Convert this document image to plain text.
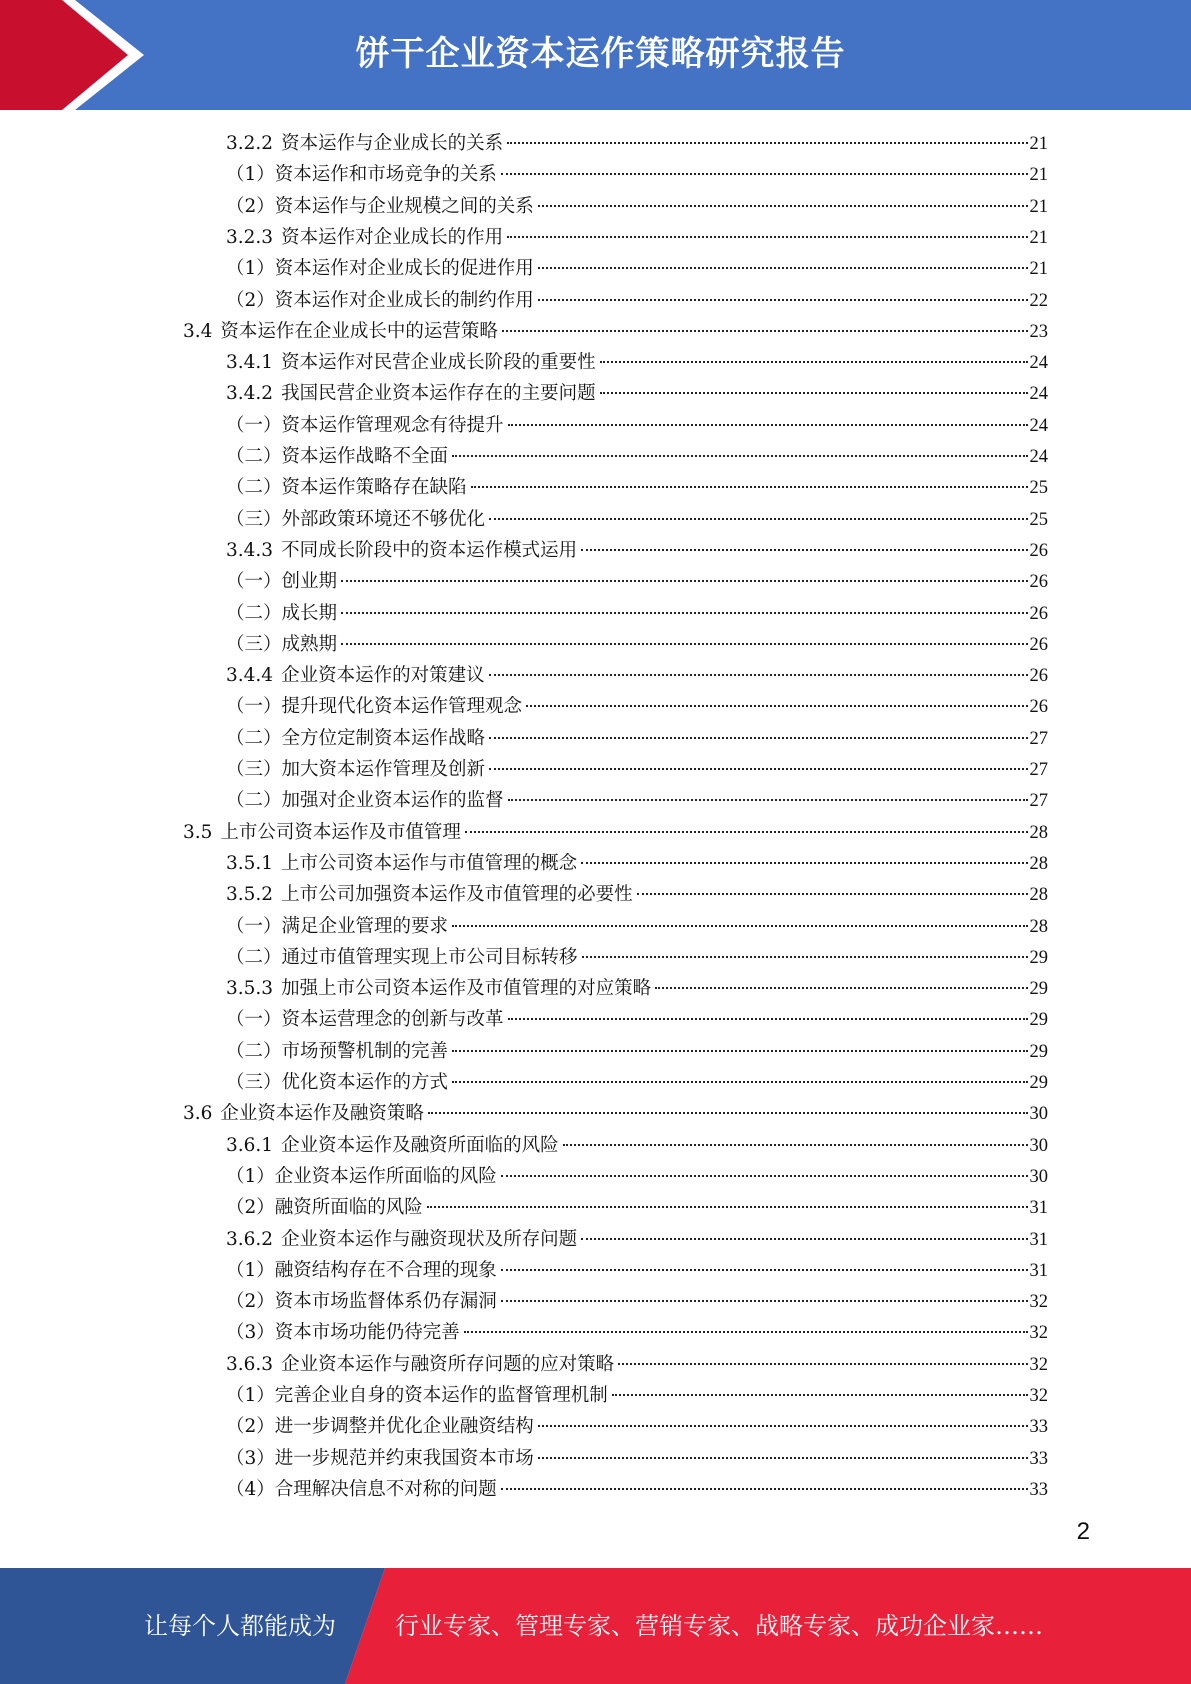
饼干企业资本运作策略研究报告
3.2.2 资本运作与企业成长的关系	21
（1）资本运作和市场竞争的关系	21
（2）资本运作与企业规模之间的关系	21
3.2.3 资本运作对企业成长的作用	21
（1）资本运作对企业成长的促进作用	21
（2）资本运作对企业成长的制约作用	22
3.4 资本运作在企业成长中的运营策略	23
3.4.1 资本运作对民营企业成长阶段的重要性	24
3.4.2 我国民营企业资本运作存在的主要问题	24
（一）资本运作管理观念有待提升	24
（二）资本运作战略不全面	24
（二）资本运作策略存在缺陷	25
（三）外部政策环境还不够优化	25
3.4.3 不同成长阶段中的资本运作模式运用	26
（一）创业期	26
（二）成长期	26
（三）成熟期	26
3.4.4 企业资本运作的对策建议	26
（一）提升现代化资本运作管理观念	26
（二）全方位定制资本运作战略	27
（三）加大资本运作管理及创新	27
（二）加强对企业资本运作的监督	27
3.5 上市公司资本运作及市值管理	28
3.5.1 上市公司资本运作与市值管理的概念	28
3.5.2 上市公司加强资本运作及市值管理的必要性	28
（一）满足企业管理的要求	28
（二）通过市值管理实现上市公司目标转移	29
3.5.3 加强上市公司资本运作及市值管理的对应策略	29
（一）资本运营理念的创新与改革	29
（二）市场预警机制的完善	29
（三）优化资本运作的方式	29
3.6 企业资本运作及融资策略	30
3.6.1 企业资本运作及融资所面临的风险	30
（1）企业资本运作所面临的风险	30
（2）融资所面临的风险	31
3.6.2 企业资本运作与融资现状及所存问题	31
（1）融资结构存在不合理的现象	31
（2）资本市场监督体系仍存漏洞	32
（3）资本市场功能仍待完善	32
3.6.3 企业资本运作与融资所存问题的应对策略	32
（1）完善企业自身的资本运作的监督管理机制	32
（2）进一步调整并优化企业融资结构	33
（3）进一步规范并约束我国资本市场	33
（4）合理解决信息不对称的问题	33
2
让每个人都能成为	行业专家、管理专家、营销专家、战略专家、成功企业家……
